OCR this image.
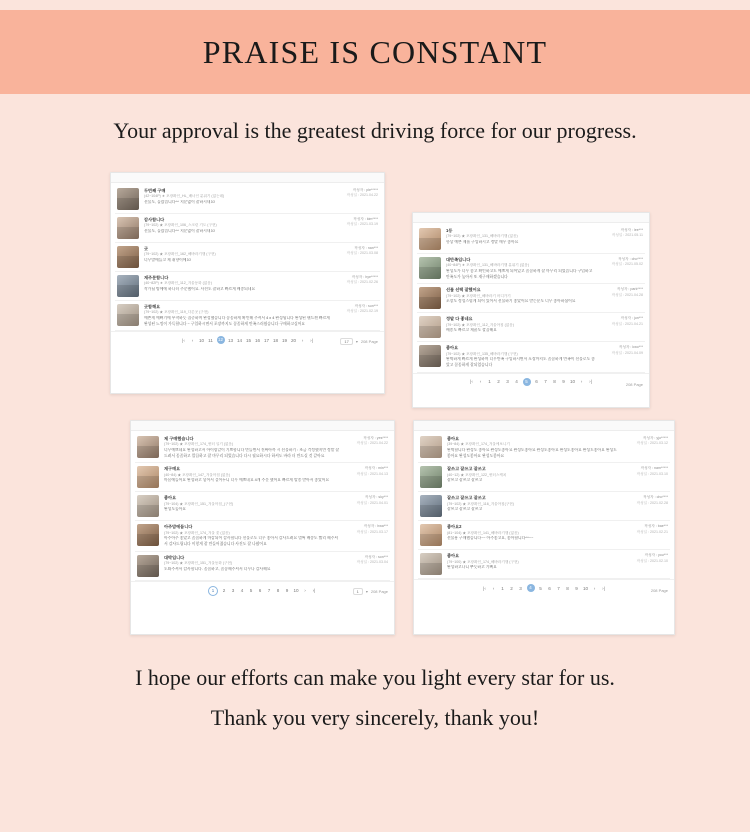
PRAISE IS CONSTANT
Your approval is the greatest driving force for our progress.
두번째 구매
(42~104P) ★ 포장확인_HL_배너인 분위기 (없는데)
선물도, 놀랐습니다^^ 지문없이 잘하시내요!
작성자 : ple*****
작성일 : 2021.04.22
감사합니다
(79~102) ★ 포장확인_106_스크린 기도 (구현)
선물도, 놀랐습니다^^ 지문없이 잘하시내요!
작성자 : kim****
작성일 : 2021.03.19
굿
(79~102) ★ 포장확인_162_해바라기행 (구현)
너무맘에들고 제 취향이에요!
작성자 : nan***
작성일 : 2021.03.08
재주문합니다
(40~82P) ★ 포장확인_112_겨울동화 (없음)
작가님 방에에 하나더 주문했어요. 사진도 잘하고 빠르게 배송되네요
작성자 : hye*****
작성일 : 2021.02.26
굿합해요
(79~102) ★ 포장확인_119_다른곳 (구현)
예쁜게 예뻐기에 부착하듯 집중하며 완성했습니다 꼼꼼하게 확인해 주셔서 4 x 4 완성됩니다 완성된 핸드캔 빠르게 완성된 느낌이 가득합니다 ~ 구입하시면서 포장까지도 꼼꼼하게 만족스러웠습니다 구매하고싶어요
작성자 : sun***
작성일 : 2021.02.19
|‹	‹	10 11	12	13 14 15 16 17 18 19 20	›	›|	17	▾ 208 Page
1등
(79~102) ★ 포장확인_131_해바라기행 (없음)
항상 예쁜 제품 구입하시고 정말 매우 좋아요
작성자 : lee***
작성일 : 2021.05.11
대만족입니다
(40~84P) ★ 포장확인_131_해바라기행 분위기 (없음)
완성도가 너무 좋고 확인하고도 예쁘게 되어있고 꼼꼼하게 잘 마무리 되었습니다 구입하고 만족도가 높아서 또 재구매하겠습니다
작성자 : cho****
작성일 : 2021.05.02
선물 선택 잘했어요
(79~102) ★ 포장확인_해바라기 어디가기
포장도 정성스럽게 되어 있어서 선물하기 좋았어요 받는분도 너무 좋아하셨어요
작성자 : park****
작성일 : 2021.04.28
정말 다 좋네요
(79~102) ★ 포장확인_112_겨울아침 (없음)
배송도 빠르고 제품도 깔끔해요
작성자 : jun***
작성일 : 2021.04.21
좋아요
(79~102) ★ 포장확인_135_해바라기행 (구현)
완벽하게 빠르게 완성하며 너무만족 구입하시면서 포장까지도 꼼꼼하게 만족이 선물로도 좋았고 꼼꼼하게 잘되었습니다
작성자 : kwo***
작성일 : 2021.04.09
|‹	‹	1	2	3	4	5	6	7	8	9	10	›	›|	208 Page
제 구매했습니다
(79~102) ★ 포장확인_174_윈터 일기 (없음)
너무예쁘네요 완성하고서 아이랑같이 기쁘합니다 만들면서 진짜아까 시 선물하기 : 조금 걱정했지만 정말 잘 드려서 꼼꼼하고 깔끔하고 잘 마무리 되었습니다 다시 필요하시다 하셔도 바라 더 만드실 것 같아요
작성자 : yes****
작성일 : 2021.04.22
재구매요
(40~84) ★ 포장확인_147_겨울아침 (없음)
마음에들어요 완성하고 넣어서 걸어두니 너무 예쁘네요 4개 주문 했어요 빠르게 발송 받아서 좋았어요
작성자 : min***
작성일 : 2021.04.13
좋아요
(79~104) ★ 포장확인_151_겨울아침_(구현)
완성도높아요
작성자 : sky***
작성일 : 2021.04.01
아주맘에듭니다
(79~102) ★ 포장확인_174_겨울 꽃 (없음)
아주아주 좋았고 꼼꼼하게 마감되어 감사합니다 선물로도 너무 좋아서 감사드려요 벌써 배송도 빨리 해주셔서 감사드립니다 이렇게 잘 만들어졌습니다 사진도 잘 나왔어요
작성자 : hwa***
작성일 : 2021.03.17
대박입니다
(79~102) ★ 포장확인_151_겨울동화 (구현)
도와주셔서 감사합니다. 꼼꼼하고, 꼼꼼해주셔서 너무나 감사해요
작성자 : son***
작성일 : 2021.03.04
1	2	3	4	5	6	7	8	9	10	›	›|	1	▾ 208 Page
좋아요
(39~84) ★ 포장확인_174_겨울에보니기
완벽합니다 완성도 좋아요 완성도좋아요 완성도좋아요 완성도좋아요 완성도좋아요 완성도좋아요 완성도좋아요 완성도좋아요 완성도좋아요
작성자 : yjo*****
작성일 : 2021.03.12
잘쓰고 잘쓰고 잘쓰고
(40~12) ★ 포장확인_122_윈터스케치
잘쓰고 잘쓰고 잘쓰고
작성자 : nam*****
작성일 : 2021.03.10
잘쓰고 잘쓰고 잘쓰고
(79~102) ★ 포장확인_116_겨울아침(구현)
잘쓰고 잘쓰고 잘쓰고
작성자 : cho****
작성일 : 2021.02.28
좋아요2
(81~104) ★ 포장확인_141_해바라기행 (없음)
선물용 구매했습니다~~ 아주좋고요, 좋아합니다^^~~
작성자 : bae***
작성일 : 2021.02.21
좋아요
(79~100) ★ 포장확인_174_해바라기행 (구현)
완성하고나니 뿌듯하고 기뻐요
작성자 : you***
작성일 : 2021.02.10
|‹	‹	1	2	3	4	5	6	7	8	9	10	›	›|	208 Page
I hope our efforts can make you light every star for us.
Thank you very sincerely, thank you!
